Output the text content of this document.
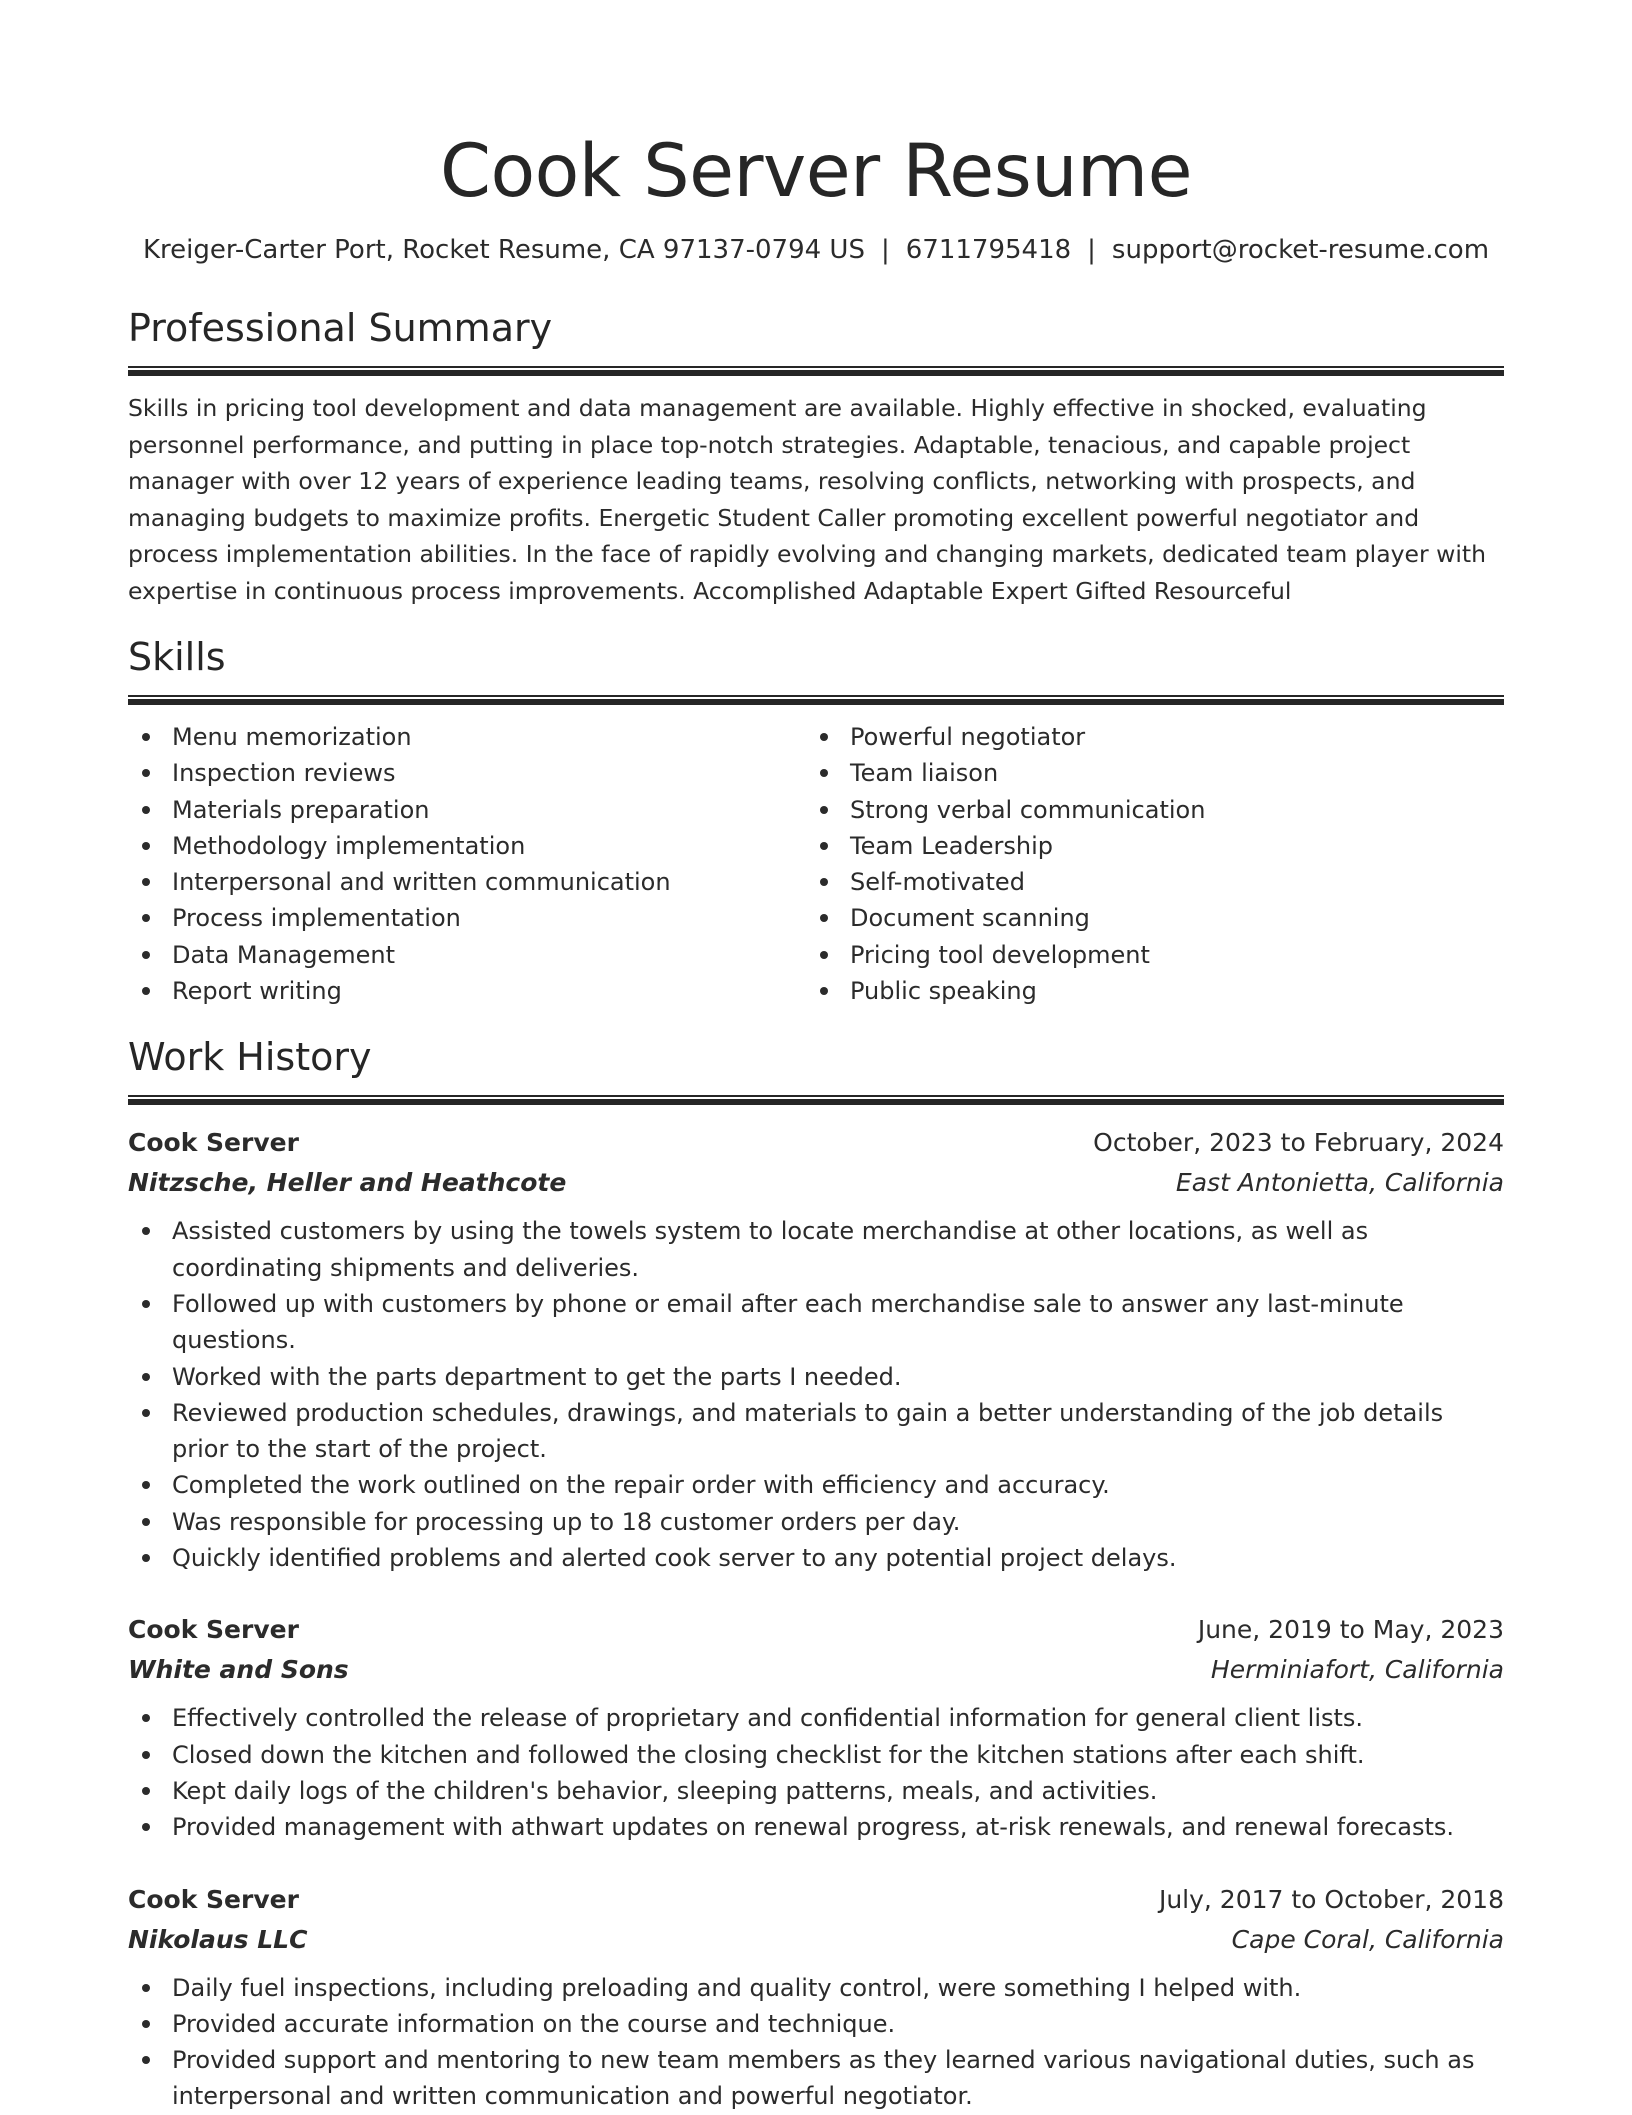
Cook Server Resume
Kreiger-Carter Port, Rocket Resume, CA 97137-0794 US | 6711795418 | support@rocket-resume.com
Professional Summary
Skills in pricing tool development and data management are available. Highly effective in shocked, evaluating personnel performance, and putting in place top-notch strategies. Adaptable, tenacious, and capable project manager with over 12 years of experience leading teams, resolving conflicts, networking with prospects, and managing budgets to maximize profits. Energetic Student Caller promoting excellent powerful negotiator and process implementation abilities. In the face of rapidly evolving and changing markets, dedicated team player with expertise in continuous process improvements. Accomplished Adaptable Expert Gifted Resourceful
Skills
Menu memorization
Inspection reviews
Materials preparation
Methodology implementation
Interpersonal and written communication
Process implementation
Data Management
Report writing
Powerful negotiator
Team liaison
Strong verbal communication
Team Leadership
Self-motivated
Document scanning
Pricing tool development
Public speaking
Work History
Cook Server	October, 2023 to February, 2024
Nitzsche, Heller and Heathcote	East Antonietta, California
Assisted customers by using the towels system to locate merchandise at other locations, as well as coordinating shipments and deliveries.
Followed up with customers by phone or email after each merchandise sale to answer any last-minute questions.
Worked with the parts department to get the parts I needed.
Reviewed production schedules, drawings, and materials to gain a better understanding of the job details prior to the start of the project.
Completed the work outlined on the repair order with efficiency and accuracy.
Was responsible for processing up to 18 customer orders per day.
Quickly identified problems and alerted cook server to any potential project delays.
Cook Server	June, 2019 to May, 2023
White and Sons	Herminiafort, California
Effectively controlled the release of proprietary and confidential information for general client lists.
Closed down the kitchen and followed the closing checklist for the kitchen stations after each shift.
Kept daily logs of the children's behavior, sleeping patterns, meals, and activities.
Provided management with athwart updates on renewal progress, at-risk renewals, and renewal forecasts.
Cook Server	July, 2017 to October, 2018
Nikolaus LLC	Cape Coral, California
Daily fuel inspections, including preloading and quality control, were something I helped with.
Provided accurate information on the course and technique.
Provided support and mentoring to new team members as they learned various navigational duties, such as interpersonal and written communication and powerful negotiator.
